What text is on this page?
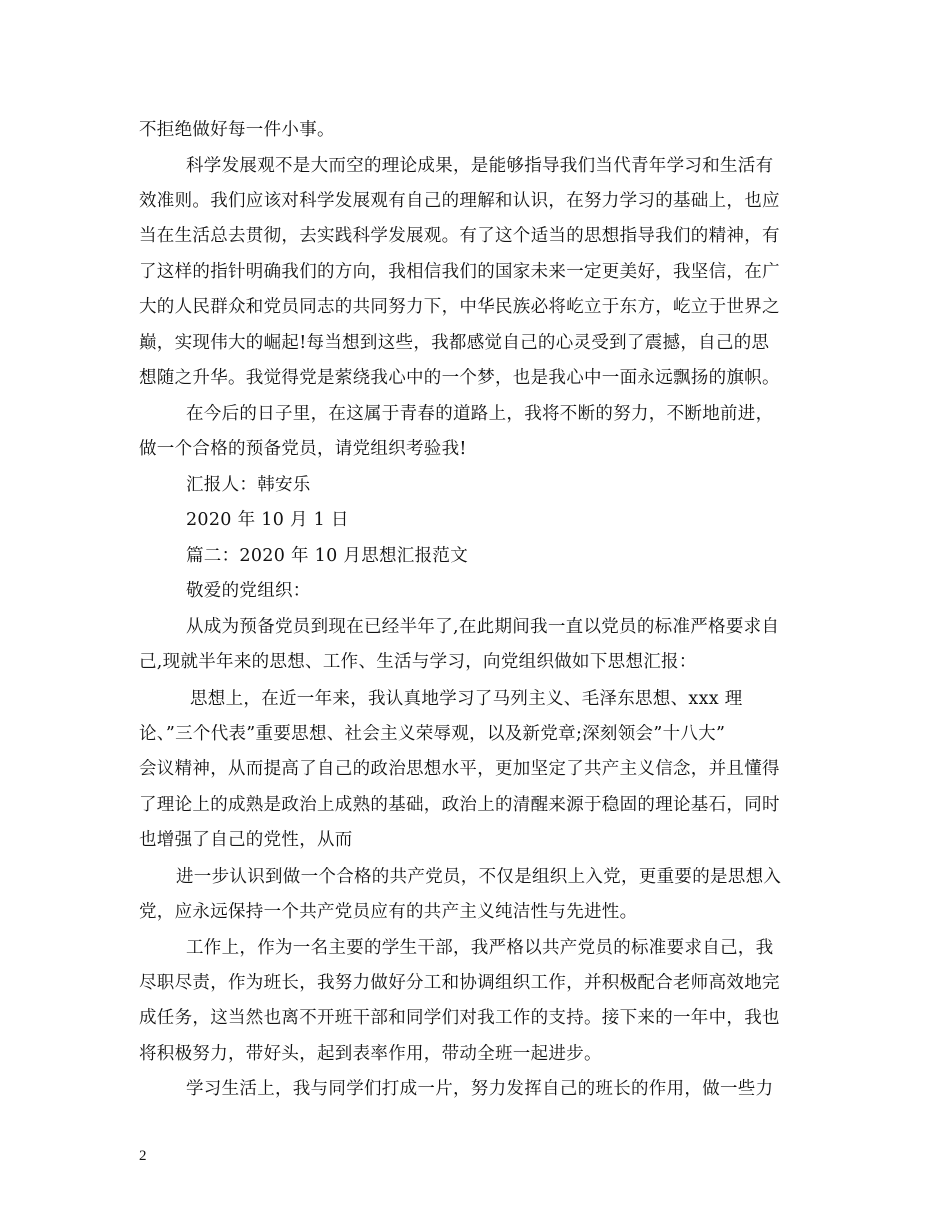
不拒绝做好每一件小事。
科学发展观不是大而空的理论成果，是能够指导我们当代青年学习和生活有
效准则。我们应该对科学发展观有自己的理解和认识，在努力学习的基础上，也应
当在生活总去贯彻，去实践科学发展观。有了这个适当的思想指导我们的精神，有
了这样的指针明确我们的方向，我相信我们的国家未来一定更美好，我坚信，在广
大的人民群众和党员同志的共同努力下，中华民族必将屹立于东方，屹立于世界之
巅，实现伟大的崛起!每当想到这些，我都感觉自己的心灵受到了震撼，自己的思
想随之升华。我觉得党是萦绕我心中的一个梦，也是我心中一面永远飘扬的旗帜。
在今后的日子里，在这属于青春的道路上，我将不断的努力，不断地前进，
做一个合格的预备党员，请党组织考验我!
汇报人：韩安乐
2020 年 10 月 1 日
篇二：2020 年 10 月思想汇报范文
敬爱的党组织：
从成为预备党员到现在已经半年了,在此期间我一直以党员的标准严格要求自
己,现就半年来的思想、工作、生活与学习，向党组织做如下思想汇报：
思想上，在近一年来，我认真地学习了马列主义、毛泽东思想、xxx 理
论、”三个代表”重要思想、社会主义荣辱观，以及新党章;深刻领会”十八大”
会议精神，从而提高了自己的政治思想水平，更加坚定了共产主义信念，并且懂得
了理论上的成熟是政治上成熟的基础，政治上的清醒来源于稳固的理论基石，同时
也增强了自己的党性，从而
进一步认识到做一个合格的共产党员，不仅是组织上入党，更重要的是思想入
党，应永远保持一个共产党员应有的共产主义纯洁性与先进性。
工作上，作为一名主要的学生干部，我严格以共产党员的标准要求自己，我
尽职尽责，作为班长，我努力做好分工和协调组织工作，并积极配合老师高效地完
成任务，这当然也离不开班干部和同学们对我工作的支持。接下来的一年中，我也
将积极努力，带好头，起到表率作用，带动全班一起进步。
学习生活上，我与同学们打成一片，努力发挥自己的班长的作用，做一些力
2
